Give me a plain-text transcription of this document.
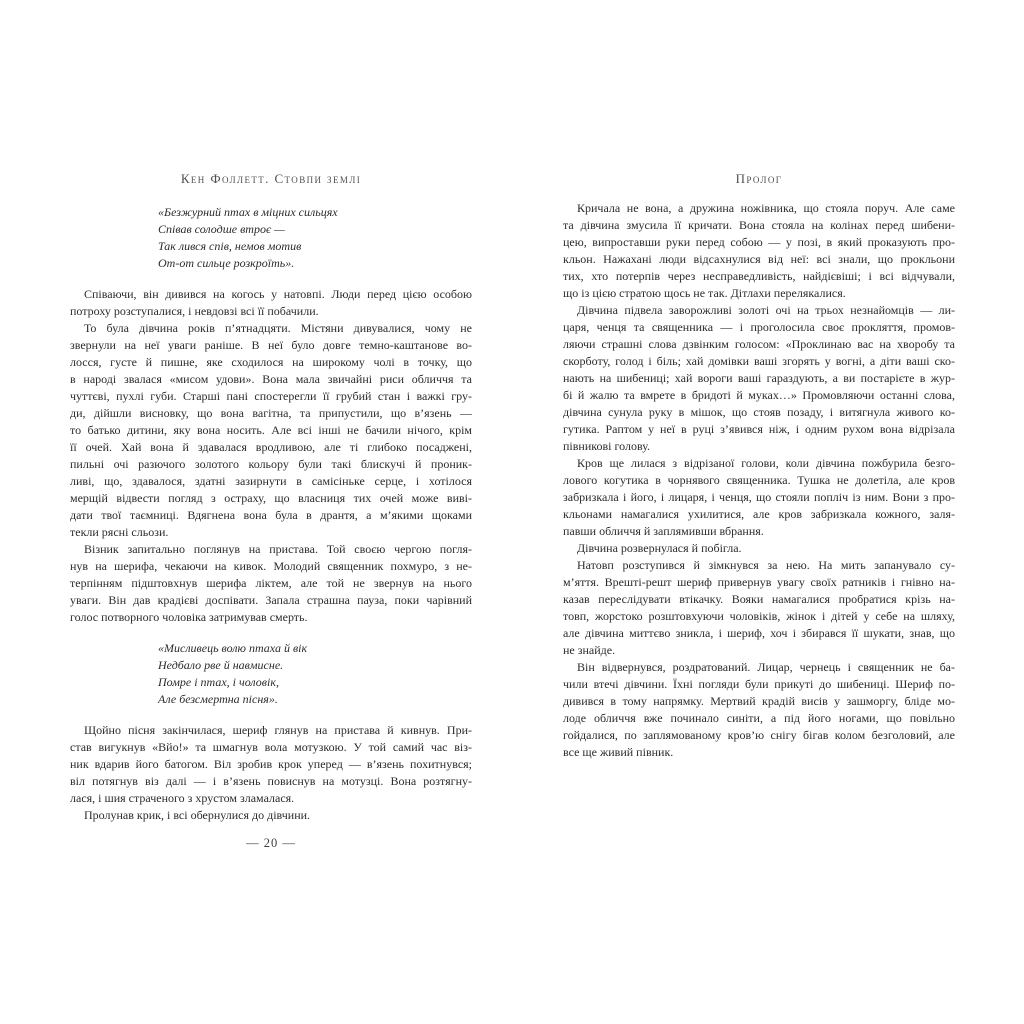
Кен Фоллетт. Стовпи землі
«Безжурний птах в міцних сильцях
Співав солодше втроє —
Так лився спів, немов мотив
От-от сильце розкроїть».
Співаючи, він дивився на когось у натовпі. Люди перед цією особою
потроху розступалися, і невдовзі всі її побачили.
То була дівчина років п’ятнадцяти. Містяни дивувалися, чому не
звернули на неї уваги раніше. В неї було довге темно-каштанове во-
лосся, густе й пишне, яке сходилося на широкому чолі в точку, що
в народі звалася «мисом удови». Вона мала звичайні риси обличчя та
чуттєві, пухлі губи. Старші пані спостерегли її грубий стан і важкі гру-
ди, дійшли висновку, що вона вагітна, та припустили, що в’язень —
то батько дитини, яку вона носить. Але всі інші не бачили нічого, крім
її очей. Хай вона й здавалася вродливою, але ті глибоко посаджені,
пильні очі разючого золотого кольору були такі блискучі й проник-
ливі, що, здавалося, здатні зазирнути в самісіньке серце, і хотілося
мерщій відвести погляд з остраху, що власниця тих очей може виві-
дати твої таємниці. Вдягнена вона була в дрантя, а м’якими щоками
текли рясні сльози.
Візник запитально поглянув на пристава. Той своєю чергою погля-
нув на шерифа, чекаючи на кивок. Молодий священник похмуро, з не-
терпінням підштовхнув шерифа ліктем, але той не звернув на нього
уваги. Він дав крадієві доспівати. Запала страшна пауза, поки чарівний
голос потворного чоловіка затримував смерть.
«Мисливець волю птаха й вік
Недбало рве й навмисне.
Помре і птах, і чоловік,
Але безсмертна пісня».
Щойно пісня закінчилася, шериф глянув на пристава й кивнув. При-
став вигукнув «Вйо!» та шмагнув вола мотузкою. У той самий час віз-
ник вдарив його батогом. Віл зробив крок уперед — в’язень похитнувся;
віл потягнув віз далі — і в’язень повиснув на мотузці. Вона розтягну-
лася, і шия страченого з хрустом зламалася.
Пролунав крик, і всі обернулися до дівчини.
— 20 —
Пролог
Кричала не вона, а дружина ножівника, що стояла поруч. Але саме
та дівчина змусила її кричати. Вона стояла на колінах перед шибени-
цею, випроставши руки перед собою — у позі, в який проказують про-
кльон. Нажахані люди відсахнулися від неї: всі знали, що прокльони
тих, хто потерпів через несправедливість, найдієвіші; і всі відчували,
що із цією стратою щось не так. Дітлахи перелякалися.
Дівчина підвела заворожливі золоті очі на трьох незнайомців — ли-
царя, ченця та священника — і проголосила своє прокляття, промов-
ляючи страшні слова дзвінким голосом: «Проклинаю вас на хворобу та
скорботу, голод і біль; хай домівки ваші згорять у вогні, а діти ваші ско-
нають на шибениці; хай вороги ваші гараздують, а ви постарієте в жур-
бі й жалю та вмрете в бридоті й муках…» Промовляючи останні слова,
дівчина сунула руку в мішок, що стояв позаду, і витягнула живого ко-
гутика. Раптом у неї в руці з’явився ніж, і одним рухом вона відрізала
півникові голову.
Кров ще лилася з відрізаної голови, коли дівчина пожбурила безго-
лового когутика в чорнявого священника. Тушка не долетіла, але кров
забризкала і його, і лицаря, і ченця, що стояли попліч із ним. Вони з про-
кльонами намагалися ухилитися, але кров забризкала кожного, заля-
павши обличчя й заплямивши вбрання.
Дівчина розвернулася й побігла.
Натовп розступився й зімкнувся за нею. На мить запанувало су-
м’яття. Врешті-решт шериф привернув увагу своїх ратників і гнівно на-
казав переслідувати втікачку. Вояки намагалися пробратися крізь на-
товп, жорстоко розштовхуючи чоловіків, жінок і дітей у себе на шляху,
але дівчина миттєво зникла, і шериф, хоч і збирався її шукати, знав, що
не знайде.
Він відвернувся, роздратований. Лицар, чернець і священник не ба-
чили втечі дівчини. Їхні погляди були прикуті до шибениці. Шериф по-
дивився в тому напрямку. Мертвий крадій висів у зашморгу, бліде мо-
лоде обличчя вже починало синіти, а під його ногами, що повільно
гойдалися, по заплямованому кров’ю снігу бігав колом безголовий, але
все ще живий півник.
